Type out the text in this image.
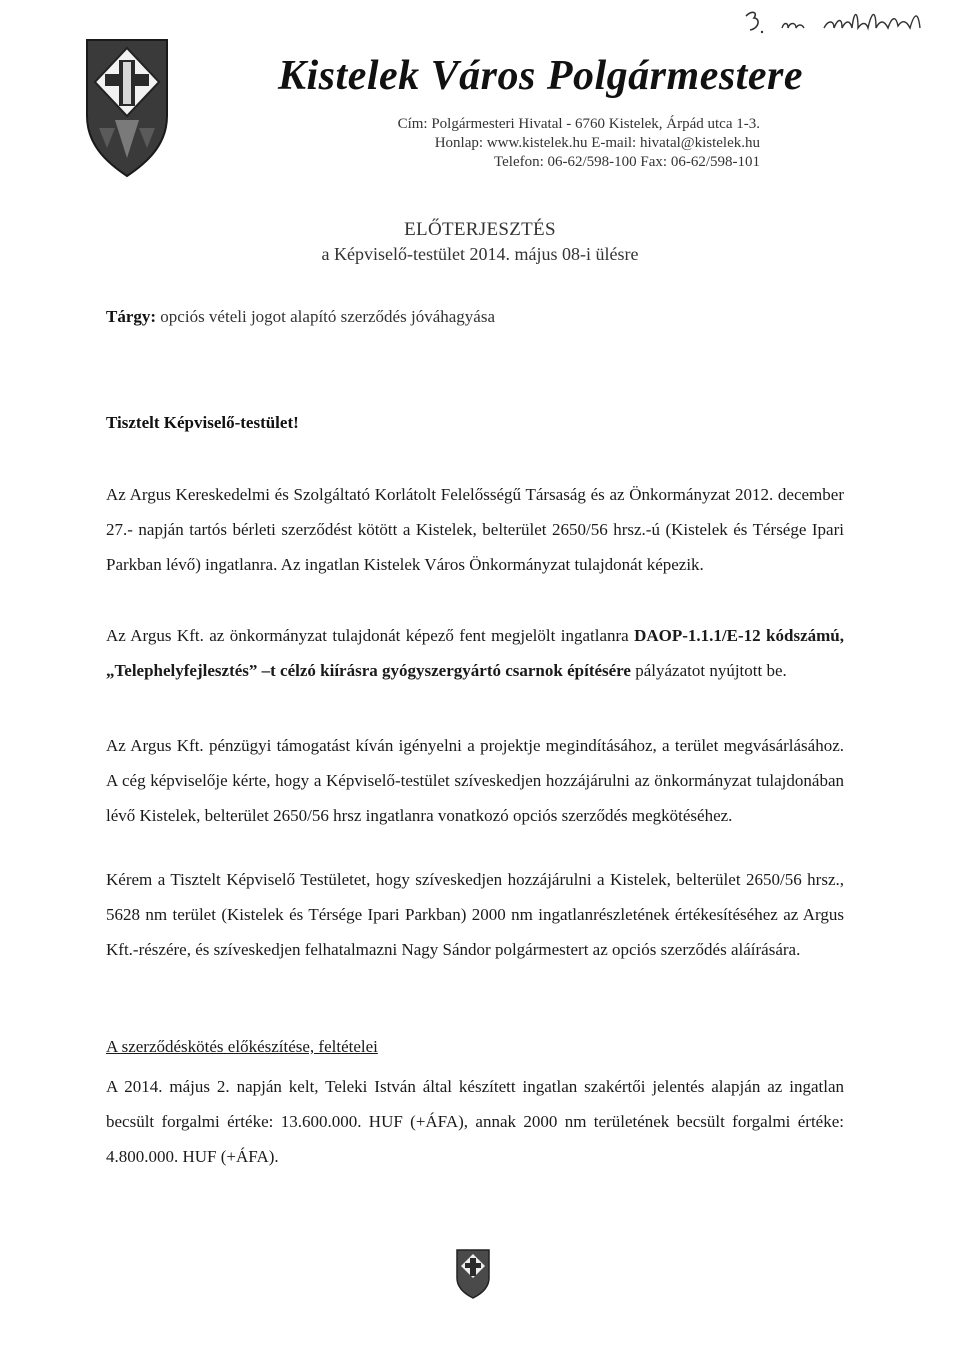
Kistelek Város Polgármestere
Cím: Polgármesteri Hivatal - 6760 Kistelek, Árpád utca 1-3.
Honlap: www.kistelek.hu E-mail: hivatal@kistelek.hu
Telefon: 06-62/598-100 Fax: 06-62/598-101
ELŐTERJESZTÉS
a Képviselő-testület 2014. május 08-i ülésre
Tárgy: opciós vételi jogot alapító szerződés jóváhagyása
Tisztelt Képviselő-testület!

Az Argus Kereskedelmi és Szolgáltató Korlátolt Felelősségű Társaság és az Önkormányzat 2012. december 27.- napján tartós bérleti szerződést kötött a Kistelek, belterület 2650/56 hrsz.-ú (Kistelek és Térsége Ipari Parkban lévő) ingatlanra. Az ingatlan Kistelek Város Önkormányzat tulajdonát képezik.

Az Argus Kft. az önkormányzat tulajdonát képező fent megjelölt ingatlanra DAOP-1.1.1/E-12 kódszámú, „Telephelyfejlesztés” –t célzó kiírásra gyógyszergyártó csarnok építésére pályázatot nyújtott be.

Az Argus Kft. pénzügyi támogatást kíván igényelni a projektje megindításához, a terület megvásárlásához. A cég képviselője kérte, hogy a Képviselő-testület szíveskedjen hozzájárulni az önkormányzat tulajdonában lévő Kistelek, belterület 2650/56 hrsz ingatlanra vonatkozó opciós szerződés megkötéséhez.

Kérem a Tisztelt Képviselő Testületet, hogy szíveskedjen hozzájárulni a Kistelek, belterület 2650/56 hrsz., 5628 nm terület (Kistelek és Térsége Ipari Parkban) 2000 nm ingatlanrészletének értékesítéséhez az Argus Kft.-részére, és szíveskedjen felhatalmazni Nagy Sándor polgármestert az opciós szerződés aláírására.

A szerződéskötés előkészítése, feltételei

A 2014. május 2. napján kelt, Teleki István által készített ingatlan szakértői jelentés alapján az ingatlan becsült forgalmi értéke: 13.600.000. HUF (+ÁFA), annak 2000 nm területének becsült forgalmi értéke: 4.800.000. HUF (+ÁFA).
